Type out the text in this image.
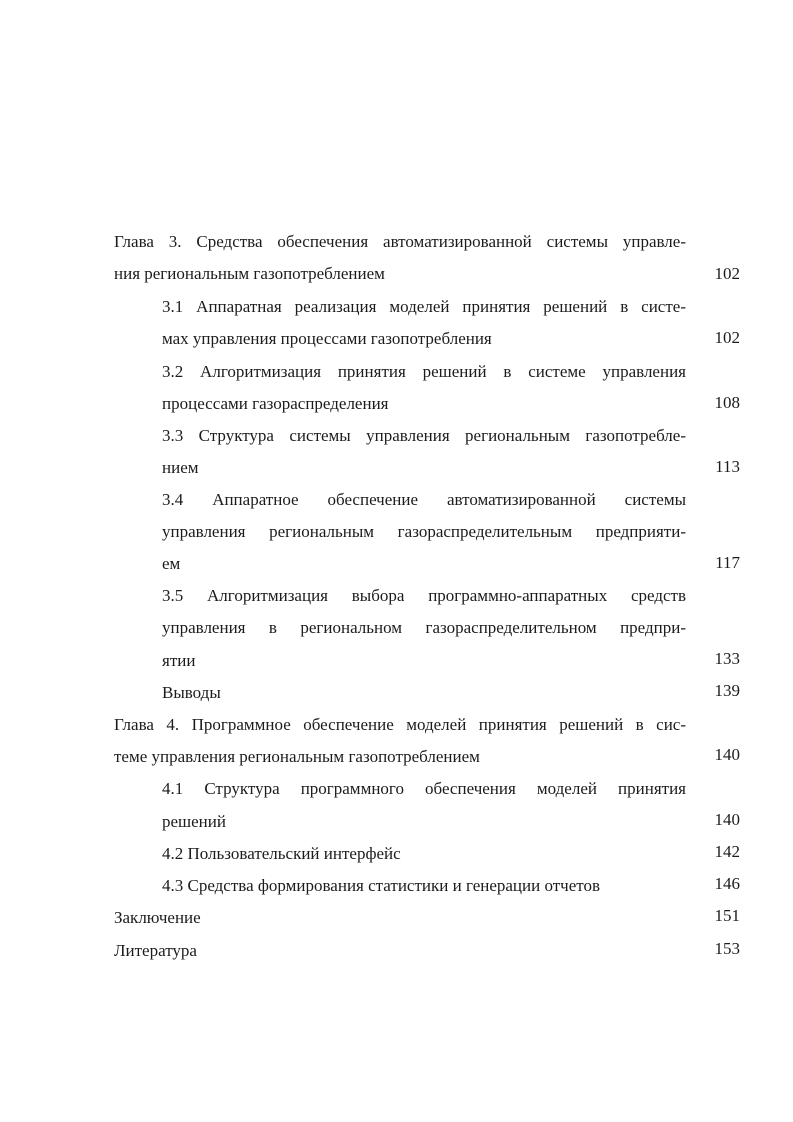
Глава 3. Средства обеспечения автоматизированной системы управле-
ния региональным газопотреблением	102
3.1 Аппаратная реализация моделей принятия решений в систе-
мах управления процессами газопотребления	102
3.2 Алгоритмизация принятия решений в системе управления
процессами газораспределения	108
3.3 Структура системы управления региональным газопотребле-
нием	113
3.4 Аппаратное обеспечение автоматизированной системы
управления региональным газораспределительным предприяти-
ем	117
3.5 Алгоритмизация выбора программно-аппаратных средств
управления в региональном газораспределительном предпри-
ятии	133
Выводы	139
Глава 4. Программное обеспечение моделей принятия решений в сис-
теме управления региональным газопотреблением	140
4.1 Структура программного обеспечения моделей принятия
решений	140
4.2 Пользовательский интерфейс	142
4.3 Средства формирования статистики и генерации отчетов	146
Заключение	151
Литература	153
